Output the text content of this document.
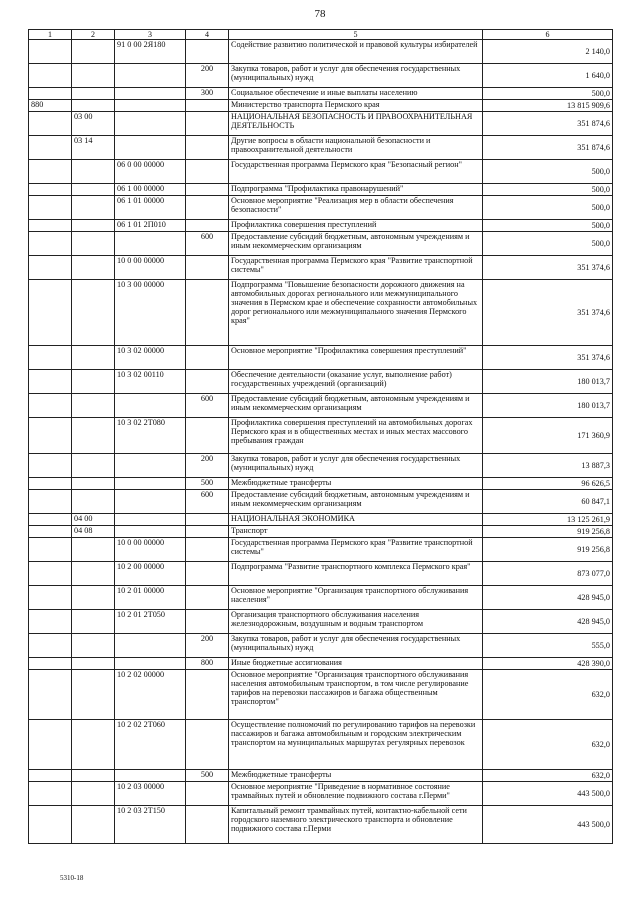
78
1	2	3	4	5	6
		91 0 00 2Я180		Содействие развитию политической и правовой культуры избирателей	2 140,0
			200	Закупка товаров, работ и услуг для обеспечения государственных (муниципальных) нужд	1 640,0
			300	Социальное обеспечение и иные выплаты населению	500,0
880				Министерство транспорта Пермского края	13 815 909,6
	03 00			НАЦИОНАЛЬНАЯ БЕЗОПАСНОСТЬ И ПРАВООХРАНИТЕЛЬНАЯ ДЕЯТЕЛЬНОСТЬ	351 874,6
	03 14			Другие вопросы в области национальной безопасности и правоохранительной деятельности	351 874,6
		06 0 00 00000		Государственная программа Пермского края "Безопасный регион"	500,0
		06 1 00 00000		Подпрограмма "Профилактика правонарушений"	500,0
		06 1 01 00000		Основное мероприятие "Реализация мер в области обеспечения безопасности"	500,0
		06 1 01 2П010		Профилактика совершения преступлений	500,0
			600	Предоставление субсидий бюджетным, автономным учреждениям и иным некоммерческим организациям	500,0
		10 0 00 00000		Государственная программа Пермского края "Развитие транспортной системы"	351 374,6
		10 3 00 00000		Подпрограмма "Повышение безопасности дорожного движения на автомобильных дорогах регионального или межмуниципального значения в Пермском крае и обеспечение сохранности автомобильных дорог регионального или межмуниципального значения Пермского края"	351 374,6
		10 3 02 00000		Основное мероприятие "Профилактика совершения преступлений"	351 374,6
		10 3 02 00110		Обеспечение деятельности (оказание услуг, выполнение работ) государственных учреждений (организаций)	180 013,7
			600	Предоставление субсидий бюджетным, автономным учреждениям и иным некоммерческим организациям	180 013,7
		10 3 02 2Т080		Профилактика совершения преступлений на автомобильных дорогах Пермского края и в общественных местах и иных местах массового пребывания граждан	171 360,9
			200	Закупка товаров, работ и услуг для обеспечения государственных (муниципальных) нужд	13 887,3
			500	Межбюджетные трансферты	96 626,5
			600	Предоставление субсидий бюджетным, автономным учреждениям и иным некоммерческим организациям	60 847,1
	04 00			НАЦИОНАЛЬНАЯ ЭКОНОМИКА	13 125 261,9
	04 08			Транспорт	919 256,8
		10 0 00 00000		Государственная программа Пермского края "Развитие транспортной системы"	919 256,8
		10 2 00 00000		Подпрограмма "Развитие транспортного комплекса Пермского края"	873 077,0
		10 2 01 00000		Основное мероприятие "Организация транспортного обслуживания населения"	428 945,0
		10 2 01 2Т050		Организация транспортного обслуживания населения железнодорожным, воздушным и водным транспортом	428 945,0
			200	Закупка товаров, работ и услуг для обеспечения государственных (муниципальных) нужд	555,0
			800	Иные бюджетные ассигнования	428 390,0
		10 2 02 00000		Основное мероприятие "Организация транспортного обслуживания населения автомобильным транспортом, в том числе регулирование тарифов на перевозки пассажиров и багажа общественным транспортом"	632,0
		10 2 02 2Т060		Осуществление полномочий по регулированию тарифов на перевозки пассажиров и багажа автомобильным и городским электрическим транспортом на муниципальных маршрутах регулярных перевозок	632,0
			500	Межбюджетные трансферты	632,0
		10 2 03 00000		Основное мероприятие "Приведение в нормативное состояние трамвайных путей и обновление подвижного состава г.Перми"	443 500,0
		10 2 03 2Т150		Капитальный ремонт трамвайных путей, контактно-кабельной сети городского наземного электрического транспорта и обновление подвижного состава г.Перми	443 500,0
5310-18
